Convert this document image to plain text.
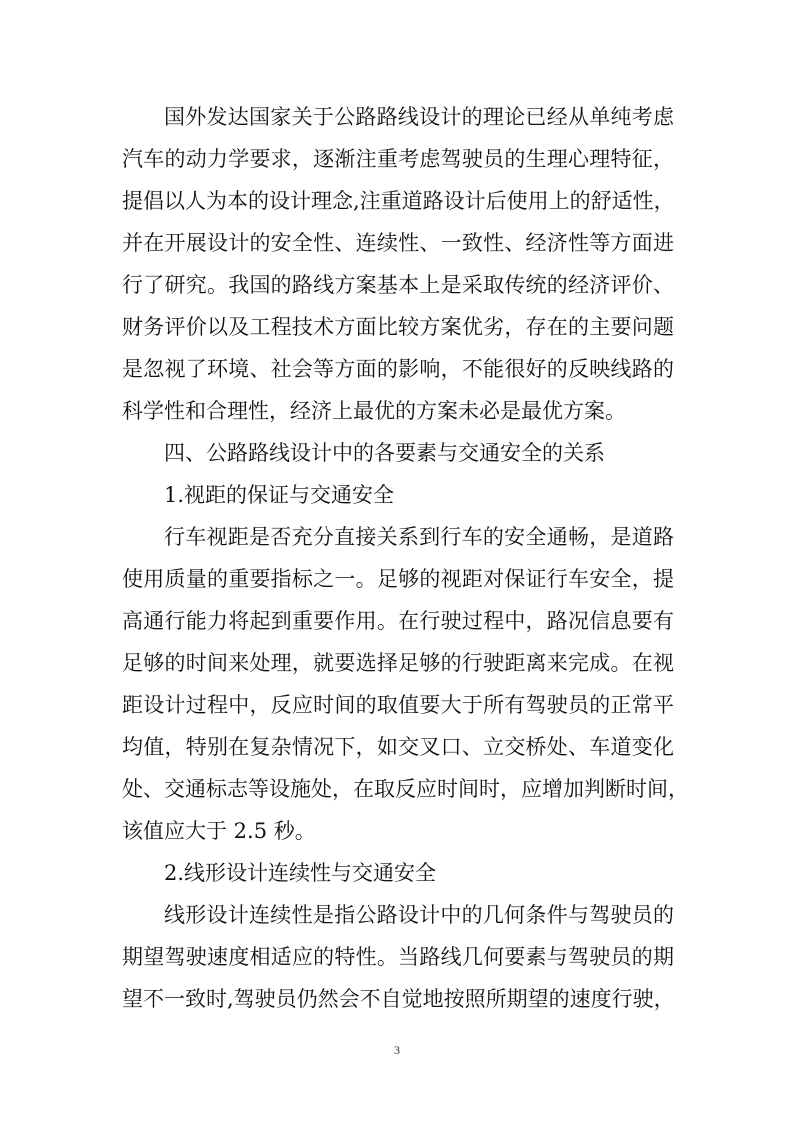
国外发达国家关于公路路线设计的理论已经从单纯考虑
汽车的动力学要求，逐渐注重考虑驾驶员的生理心理特征，
提倡以人为本的设计理念,注重道路设计后使用上的舒适性，
并在开展设计的安全性、连续性、一致性、经济性等方面进
行了研究。我国的路线方案基本上是采取传统的经济评价、
财务评价以及工程技术方面比较方案优劣，存在的主要问题
是忽视了环境、社会等方面的影响，不能很好的反映线路的
科学性和合理性，经济上最优的方案未必是最优方案。
四、公路路线设计中的各要素与交通安全的关系
1.视距的保证与交通安全
行车视距是否充分直接关系到行车的安全通畅，是道路
使用质量的重要指标之一。足够的视距对保证行车安全，提
高通行能力将起到重要作用。在行驶过程中，路况信息要有
足够的时间来处理，就要选择足够的行驶距离来完成。在视
距设计过程中，反应时间的取值要大于所有驾驶员的正常平
均值，特别在复杂情况下，如交叉口、立交桥处、车道变化
处、交通标志等设施处，在取反应时间时，应增加判断时间，
该值应大于 2.5 秒。
2.线形设计连续性与交通安全
线形设计连续性是指公路设计中的几何条件与驾驶员的
期望驾驶速度相适应的特性。当路线几何要素与驾驶员的期
望不一致时,驾驶员仍然会不自觉地按照所期望的速度行驶，
3
